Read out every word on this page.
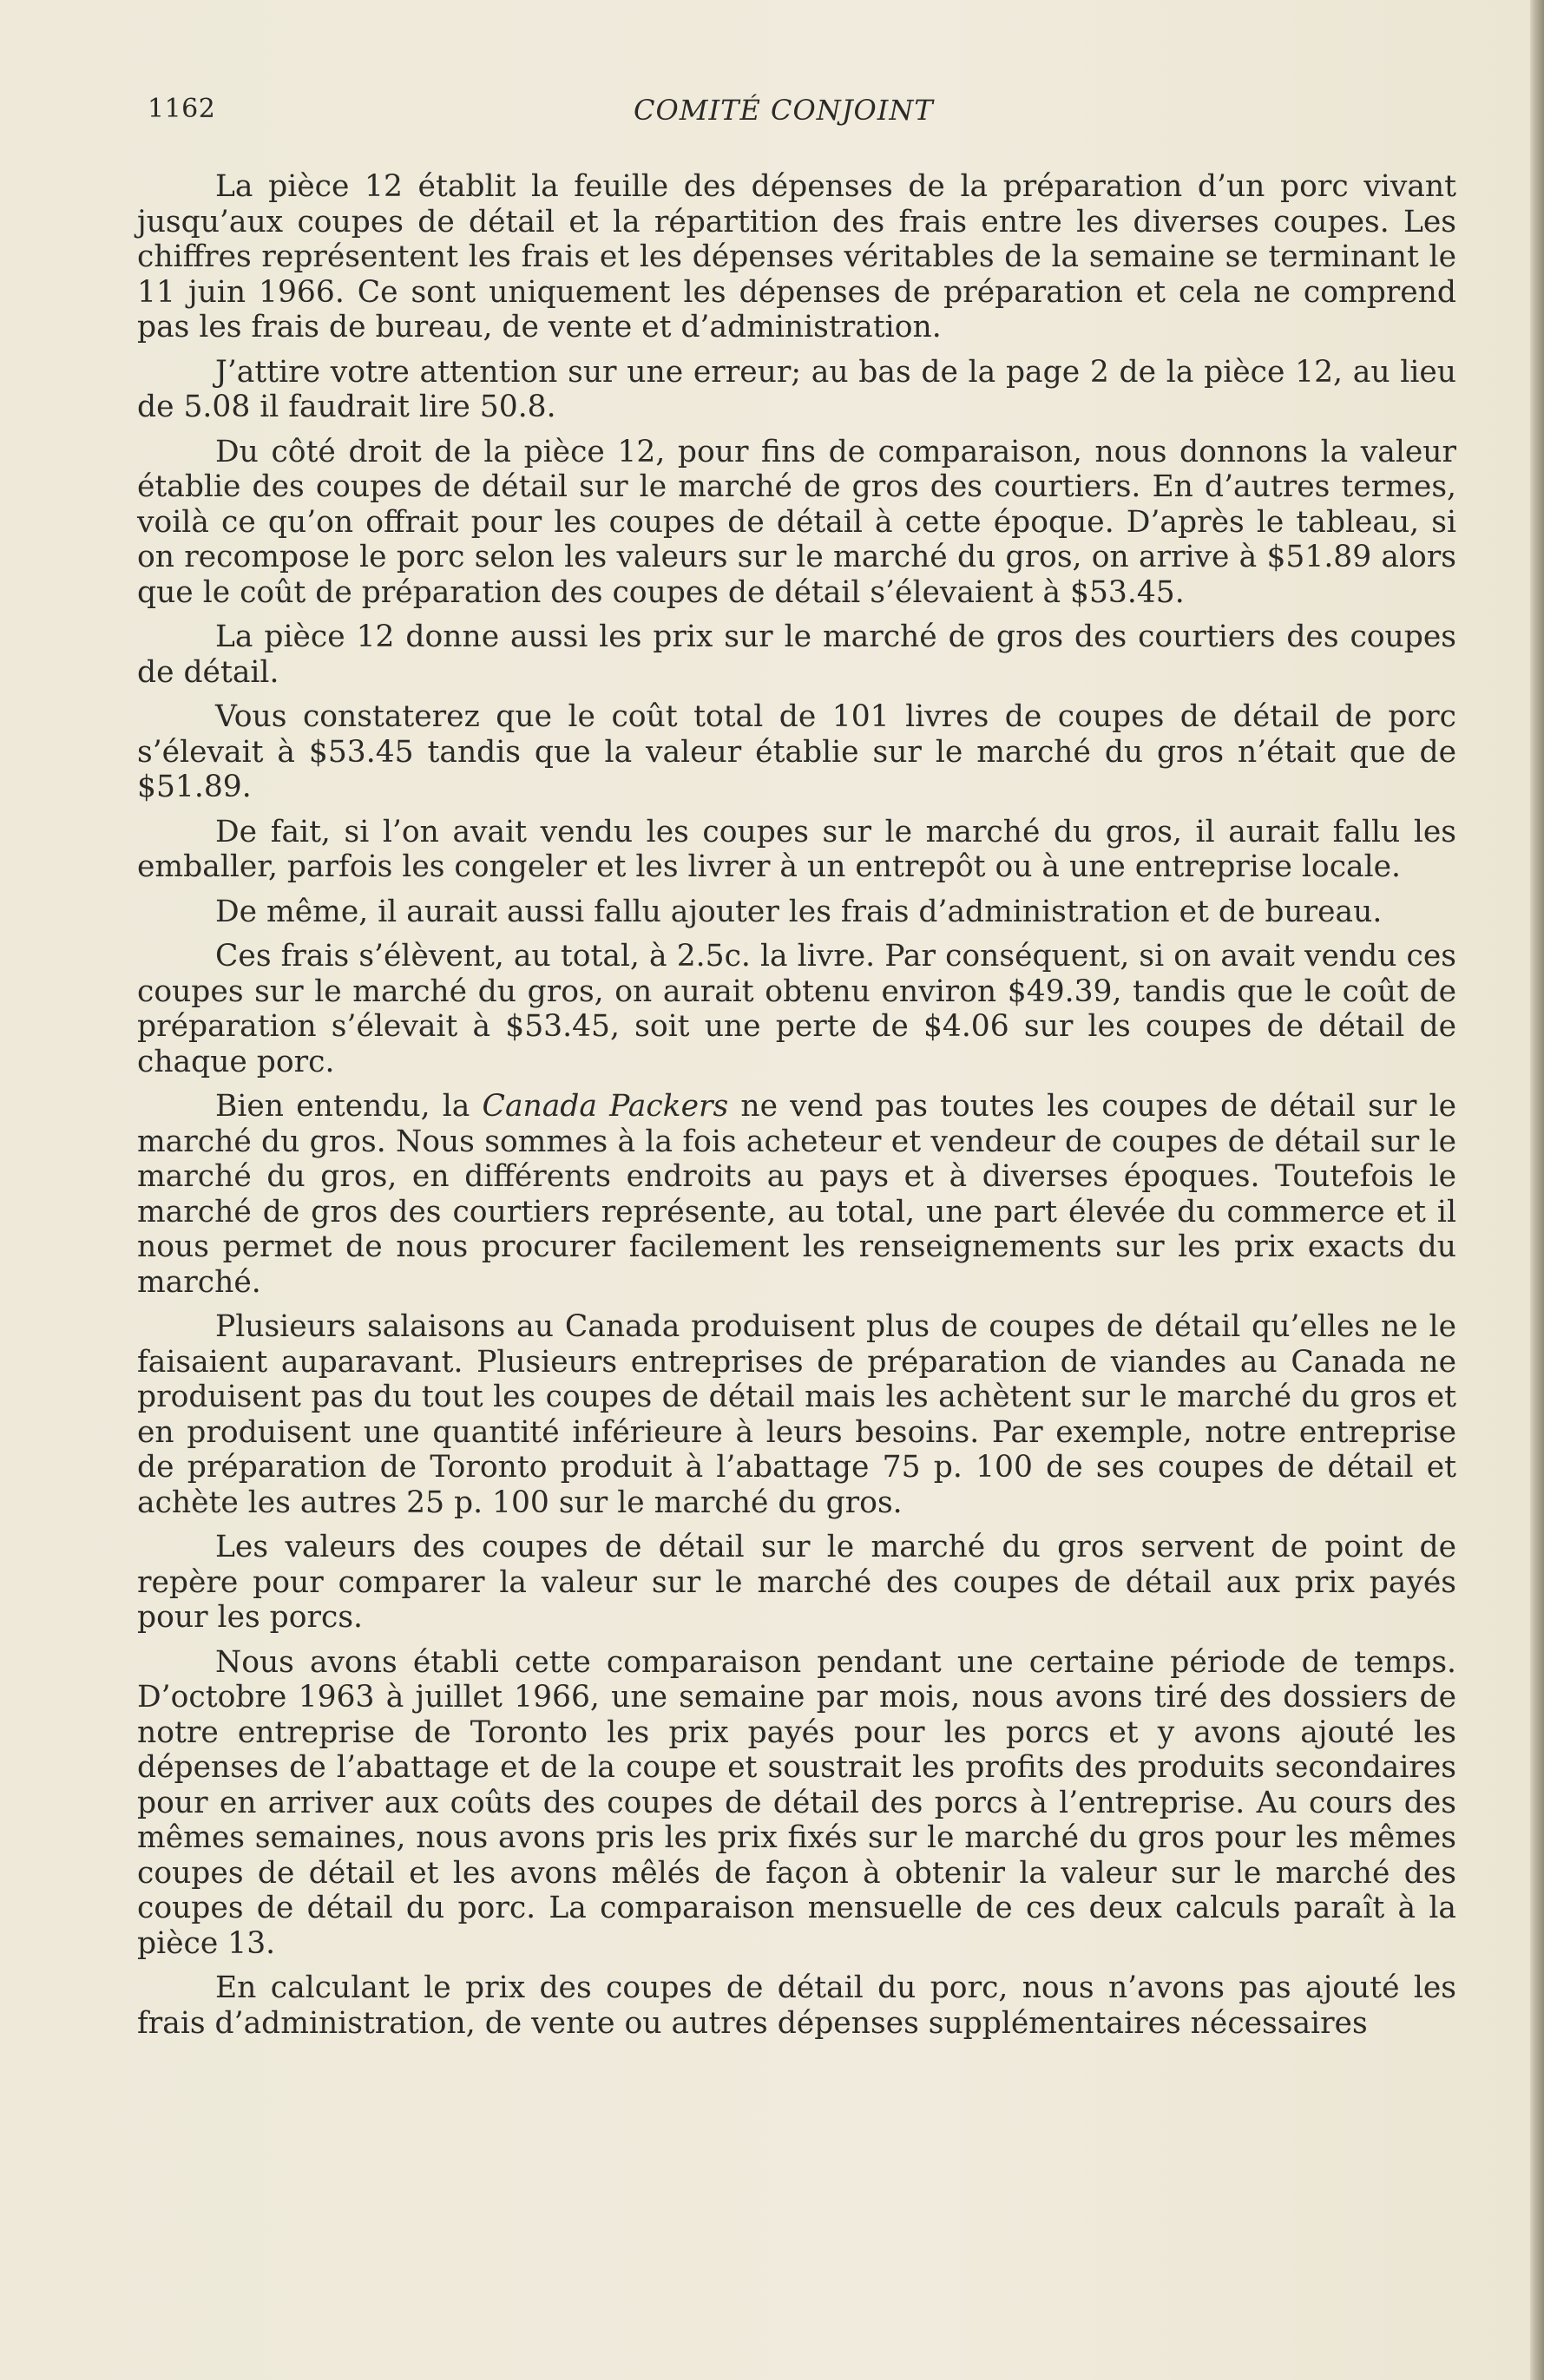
1162	COMITÉ CONJOINT

La pièce 12 établit la feuille des dépenses de la préparation d’un porc vivant jusqu’aux coupes de détail et la répartition des frais entre les diverses coupes. Les chiffres représentent les frais et les dépenses véritables de la semaine se terminant le 11 juin 1966. Ce sont uniquement les dépenses de préparation et cela ne comprend pas les frais de bureau, de vente et d’administration.

J’attire votre attention sur une erreur; au bas de la page 2 de la pièce 12, au lieu de 5.08 il faudrait lire 50.8.

Du côté droit de la pièce 12, pour fins de comparaison, nous donnons la valeur établie des coupes de détail sur le marché de gros des courtiers. En d’autres termes, voilà ce qu’on offrait pour les coupes de détail à cette époque. D’après le tableau, si on recompose le porc selon les valeurs sur le marché du gros, on arrive à $51.89 alors que le coût de préparation des coupes de détail s’élevaient à $53.45.

La pièce 12 donne aussi les prix sur le marché de gros des courtiers des coupes de détail.

Vous constaterez que le coût total de 101 livres de coupes de détail de porc s’élevait à $53.45 tandis que la valeur établie sur le marché du gros n’était que de $51.89.

De fait, si l’on avait vendu les coupes sur le marché du gros, il aurait fallu les emballer, parfois les congeler et les livrer à un entrepôt ou à une entreprise locale.

De même, il aurait aussi fallu ajouter les frais d’administration et de bureau.

Ces frais s’élèvent, au total, à 2.5c. la livre. Par conséquent, si on avait vendu ces coupes sur le marché du gros, on aurait obtenu environ $49.39, tandis que le coût de préparation s’élevait à $53.45, soit une perte de $4.06 sur les coupes de détail de chaque porc.

Bien entendu, la Canada Packers ne vend pas toutes les coupes de détail sur le marché du gros. Nous sommes à la fois acheteur et vendeur de coupes de détail sur le marché du gros, en différents endroits au pays et à diverses époques. Toutefois le marché de gros des courtiers représente, au total, une part élevée du commerce et il nous permet de nous procurer facilement les renseignements sur les prix exacts du marché.

Plusieurs salaisons au Canada produisent plus de coupes de détail qu’elles ne le faisaient auparavant. Plusieurs entreprises de préparation de viandes au Canada ne produisent pas du tout les coupes de détail mais les achètent sur le marché du gros et en produisent une quantité inférieure à leurs besoins. Par exemple, notre entreprise de préparation de Toronto produit à l’abattage 75 p. 100 de ses coupes de détail et achète les autres 25 p. 100 sur le marché du gros.

Les valeurs des coupes de détail sur le marché du gros servent de point de repère pour comparer la valeur sur le marché des coupes de détail aux prix payés pour les porcs.

Nous avons établi cette comparaison pendant une certaine période de temps. D’octobre 1963 à juillet 1966, une semaine par mois, nous avons tiré des dossiers de notre entreprise de Toronto les prix payés pour les porcs et y avons ajouté les dépenses de l’abattage et de la coupe et soustrait les profits des produits secondaires pour en arriver aux coûts des coupes de détail des porcs à l’entreprise. Au cours des mêmes semaines, nous avons pris les prix fixés sur le marché du gros pour les mêmes coupes de détail et les avons mêlés de façon à obtenir la valeur sur le marché des coupes de détail du porc. La comparaison mensuelle de ces deux calculs paraît à la pièce 13.

En calculant le prix des coupes de détail du porc, nous n’avons pas ajouté les frais d’administration, de vente ou autres dépenses supplémentaires nécessaires
